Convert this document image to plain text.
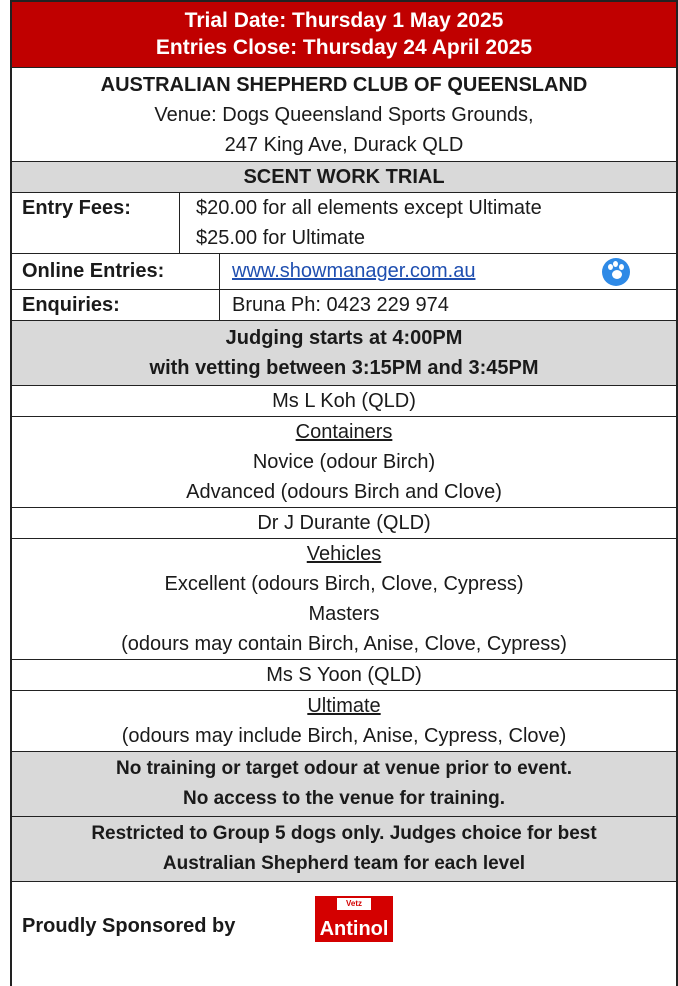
Trial Date: Thursday 1 May 2025
Entries Close: Thursday 24 April 2025
AUSTRALIAN SHEPHERD CLUB OF QUEENSLAND
Venue: Dogs Queensland Sports Grounds,
247 King Ave, Durack QLD
SCENT WORK TRIAL
Entry Fees:	$20.00 for all elements except Ultimate
$25.00 for Ultimate
Online Entries:	www.showmanager.com.au
Enquiries:	Bruna Ph: 0423 229 974
Judging starts at 4:00PM
with vetting between 3:15PM and 3:45PM
Ms L Koh (QLD)
Containers
Novice (odour Birch)
Advanced (odours Birch and Clove)
Dr J Durante (QLD)
Vehicles
Excellent (odours Birch, Clove, Cypress)
Masters
(odours may contain Birch, Anise, Clove, Cypress)
Ms S Yoon (QLD)
Ultimate
(odours may include Birch, Anise, Cypress, Clove)
No training or target odour at venue prior to event.
No access to the venue for training.
Restricted to Group 5 dogs only. Judges choice for best
Australian Shepherd team for each level
Proudly Sponsored by
Vetz Petz
Antinol
